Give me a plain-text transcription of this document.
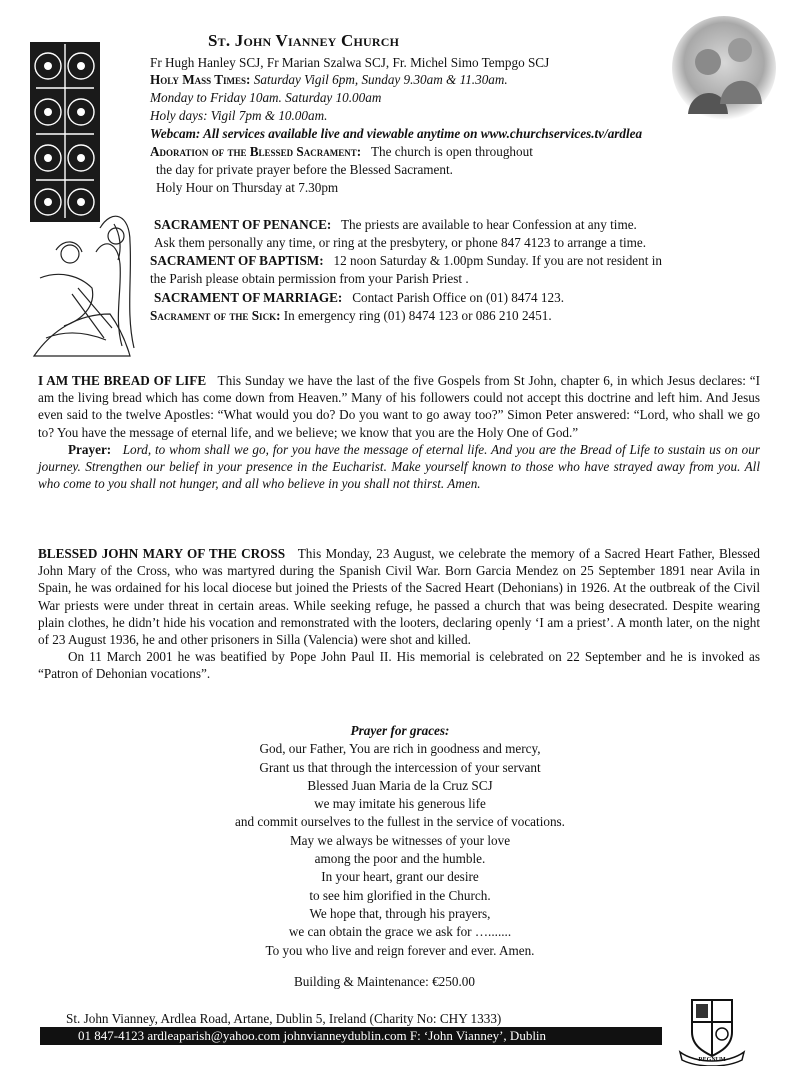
St. John Vianney Church
Fr Hugh Hanley SCJ, Fr Marian Szalwa SCJ, Fr. Michel Simo Tempgo SCJ
Holy Mass Times: Saturday Vigil 6pm, Sunday 9.30am & 11.30am.
Monday to Friday 10am. Saturday 10.00am
Holy days: Vigil 7pm & 10.00am.
Webcam: All services available live and viewable anytime on www.churchservices.tv/ardlea
Adoration of the Blessed Sacrament: The church is open throughout
the day for private prayer before the Blessed Sacrament.
Holy Hour on Thursday at 7.30pm
SACRAMENT OF PENANCE: The priests are available to hear Confession at any time.
Ask them personally any time, or ring at the presbytery, or phone 847 4123 to arrange a time.
SACRAMENT OF BAPTISM: 12 noon Saturday & 1.00pm Sunday. If you are not resident in
the Parish please obtain permission from your Parish Priest .
SACRAMENT OF MARRIAGE: Contact Parish Office on (01) 8474 123.
Sacrament of the Sick: In emergency ring (01) 8474 123 or 086 210 2451.

I AM THE BREAD OF LIFE This Sunday we have the last of the five Gospels from St John, chapter 6, in which Jesus declares: “I am the living bread which has come down from Heaven.” Many of his followers could not accept this doctrine and left him. And Jesus even said to the twelve Apostles: “What would you do? Do you want to go away too?” Simon Peter answered: “Lord, who shall we go to? You have the message of eternal life, and we believe; we know that you are the Holy One of God.”

Prayer: Lord, to whom shall we go, for you have the message of eternal life. And you are the Bread of Life to sustain us on our journey. Strengthen our belief in your presence in the Eucharist. Make yourself known to those who have strayed away from you. All who come to you shall not hunger, and all who believe in you shall not thirst. Amen.

BLESSED JOHN MARY OF THE CROSS This Monday, 23 August, we celebrate the memory of a Sacred Heart Father, Blessed John Mary of the Cross, who was martyred during the Spanish Civil War. Born Garcia Mendez on 25 September 1891 near Avila in Spain, he was ordained for his local diocese but joined the Priests of the Sacred Heart (Dehonians) in 1926. At the outbreak of the Civil War priests were under threat in certain areas. While seeking refuge, he passed a church that was being desecrated. Despite wearing plain clothes, he didn’t hide his vocation and remonstrated with the looters, declaring openly ‘I am a priest’. A month later, on the night of 23 August 1936, he and other prisoners in Silla (Valencia) were shot and killed.

On 11 March 2001 he was beatified by Pope John Paul II. His memorial is celebrated on 22 September and he is invoked as “Patron of Dehonian vocations”.

Prayer for graces:
God, our Father, You are rich in goodness and mercy,
Grant us that through the intercession of your servant
Blessed Juan Maria de la Cruz SCJ
we may imitate his generous life
and commit ourselves to the fullest in the service of vocations.
May we always be witnesses of your love
among the poor and the humble.
In your heart, grant our desire
to see him glorified in the Church.
We hope that, through his prayers,
we can obtain the grace we ask for ….......
To you who live and reign forever and ever. Amen.
Building & Maintenance: €250.00
St. John Vianney, Ardlea Road, Artane, Dublin 5, Ireland (Charity No: CHY 1333)
01 847-4123 ardleaparish@yahoo.com johnvianneydublin.com F: ‘John Vianney’, Dublin
REGNUM
